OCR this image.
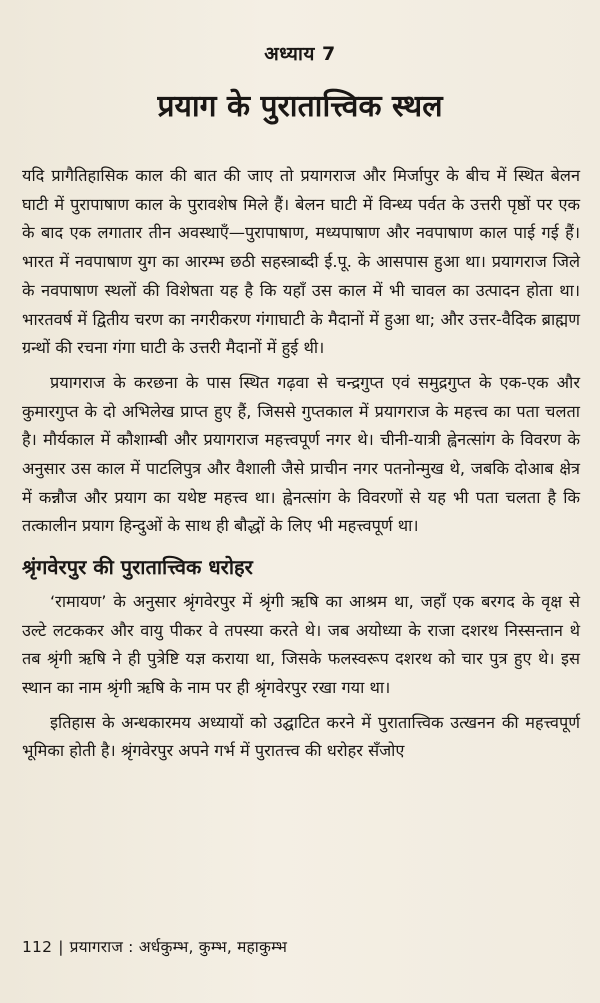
अध्याय 7
प्रयाग के पुरातात्त्विक स्थल

यदि प्रागैतिहासिक काल की बात की जाए तो प्रयागराज और मिर्जापुर के बीच में स्थित बेलन घाटी में पुरापाषाण काल के पुरावशेष मिले हैं। बेलन घाटी में विन्ध्य पर्वत के उत्तरी पृष्ठों पर एक के बाद एक लगातार तीन अवस्थाएँ—पुरापाषाण, मध्यपाषाण और नवपाषाण काल पाई गई हैं। भारत में नवपाषाण युग का आरम्भ छठी सहस्त्राब्दी ई.पू. के आसपास हुआ था। प्रयागराज जिले के नवपाषाण स्थलों की विशेषता यह है कि यहाँ उस काल में भी चावल का उत्पादन होता था। भारतवर्ष में द्वितीय चरण का नगरीकरण गंगाघाटी के मैदानों में हुआ था; और उत्तर-वैदिक ब्राह्मण ग्रन्थों की रचना गंगा घाटी के उत्तरी मैदानों में हुई थी।

प्रयागराज के करछना के पास स्थित गढ़वा से चन्द्रगुप्त एवं समुद्रगुप्त के एक-एक और कुमारगुप्त के दो अभिलेख प्राप्त हुए हैं, जिससे गुप्तकाल में प्रयागराज के महत्त्व का पता चलता है। मौर्यकाल में कौशाम्बी और प्रयागराज महत्त्वपूर्ण नगर थे। चीनी-यात्री ह्वेनत्सांग के विवरण के अनुसार उस काल में पाटलिपुत्र और वैशाली जैसे प्राचीन नगर पतनोन्मुख थे, जबकि दोआब क्षेत्र में कन्नौज और प्रयाग का यथेष्ट महत्त्व था। ह्वेनत्सांग के विवरणों से यह भी पता चलता है कि तत्कालीन प्रयाग हिन्दुओं के साथ ही बौद्धों के लिए भी महत्त्वपूर्ण था।

श्रृंगवेरपुर की पुरातात्त्विक धरोहर

‘रामायण’ के अनुसार श्रृंगवेरपुर में श्रृंगी ऋषि का आश्रम था, जहाँ एक बरगद के वृक्ष से उल्टे लटककर और वायु पीकर वे तपस्या करते थे। जब अयोध्या के राजा दशरथ निस्सन्तान थे तब श्रृंगी ऋषि ने ही पुत्रेष्टि यज्ञ कराया था, जिसके फलस्वरूप दशरथ को चार पुत्र हुए थे। इस स्थान का नाम श्रृंगी ऋषि के नाम पर ही श्रृंगवेरपुर रखा गया था।

इतिहास के अन्धकारमय अध्यायों को उद्घाटित करने में पुरातात्त्विक उत्खनन की महत्त्वपूर्ण भूमिका होती है। श्रृंगवेरपुर अपने गर्भ में पुरातत्त्व की धरोहर सँजोए

112 | प्रयागराज : अर्धकुम्भ, कुम्भ, महाकुम्भ
